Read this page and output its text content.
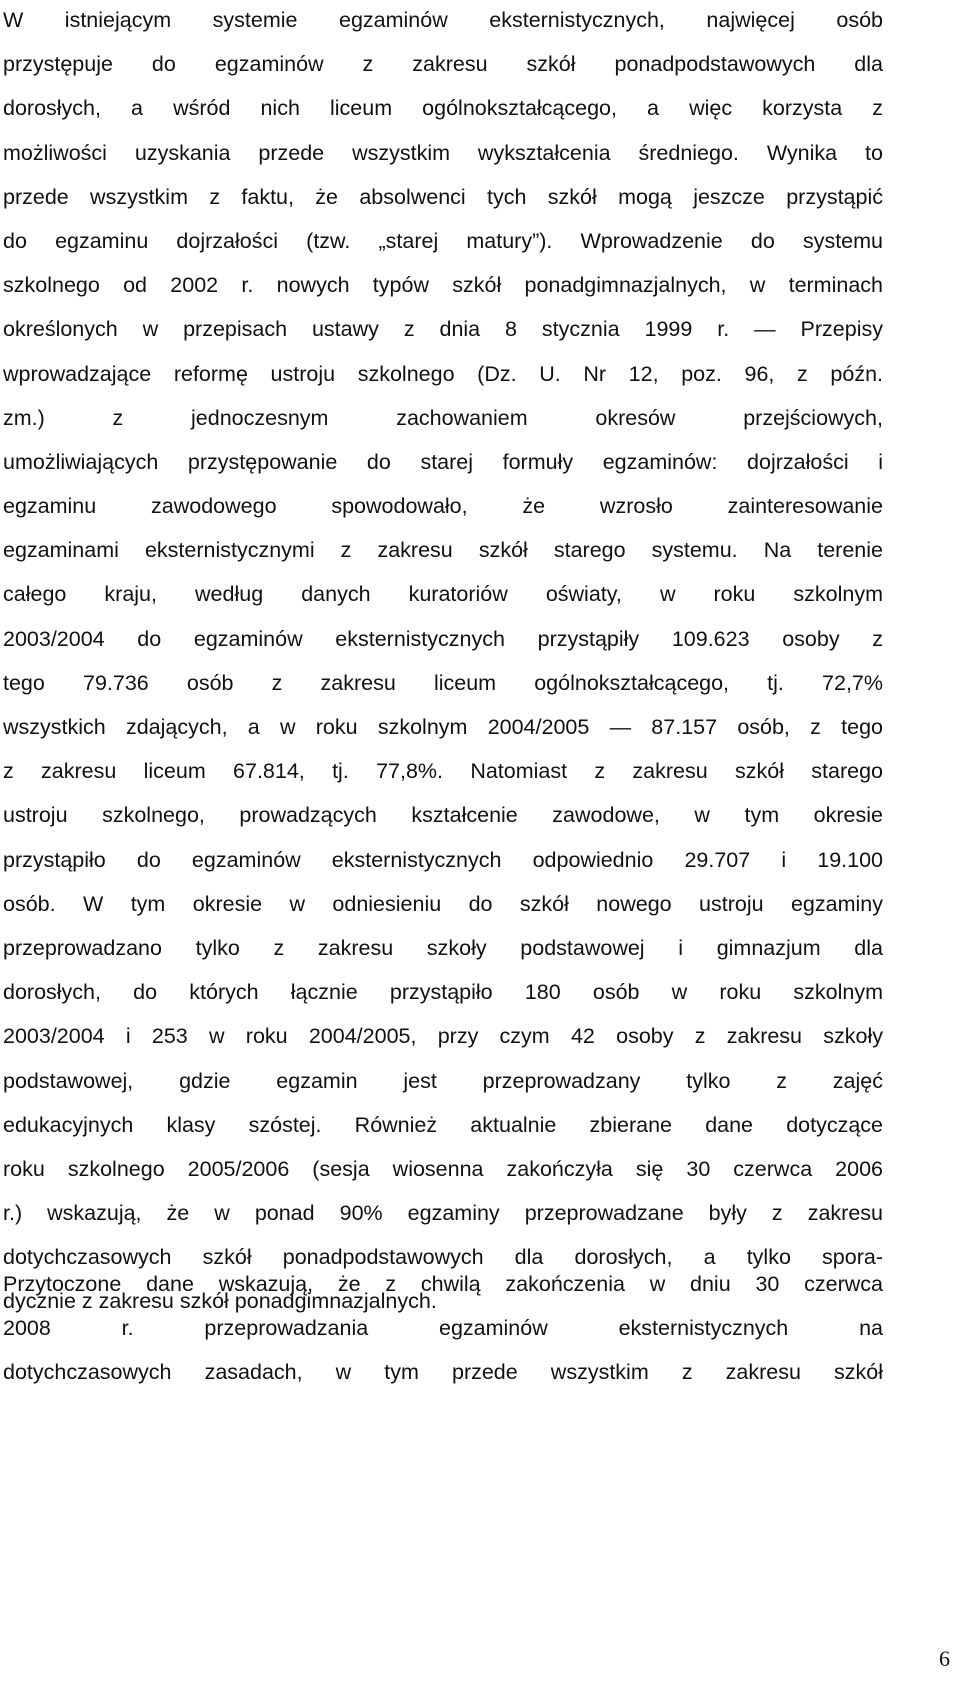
W istniejącym systemie egzaminów eksternistycznych, najwięcej osób
przystępuje do egzaminów z zakresu szkół ponadpodstawowych dla
dorosłych, a wśród nich liceum ogólnokształcącego, a więc korzysta z
możliwości uzyskania przede wszystkim wykształcenia średniego. Wynika to
przede wszystkim z faktu, że absolwenci tych szkół mogą jeszcze przystąpić
do egzaminu dojrzałości (tzw. „starej matury”). Wprowadzenie do systemu
szkolnego od 2002 r. nowych typów szkół ponadgimnazjalnych, w terminach
określonych w przepisach ustawy z dnia 8 stycznia 1999 r. — Przepisy
wprowadzające reformę ustroju szkolnego (Dz. U. Nr 12, poz. 96, z późn.
zm.) z jednoczesnym zachowaniem okresów przejściowych,
umożliwiających przystępowanie do starej formuły egzaminów: dojrzałości i
egzaminu zawodowego spowodowało, że wzrosło zainteresowanie
egzaminami eksternistycznymi z zakresu szkół starego systemu. Na terenie
całego kraju, według danych kuratoriów oświaty, w roku szkolnym
2003/2004 do egzaminów eksternistycznych przystąpiły 109.623 osoby z
tego 79.736 osób z zakresu liceum ogólnokształcącego, tj. 72,7%
wszystkich zdających, a w roku szkolnym 2004/2005 — 87.157 osób, z tego
z zakresu liceum 67.814, tj. 77,8%. Natomiast z zakresu szkół starego
ustroju szkolnego, prowadzących kształcenie zawodowe, w tym okresie
przystąpiło do egzaminów eksternistycznych odpowiednio 29.707 i 19.100
osób. W tym okresie w odniesieniu do szkół nowego ustroju egzaminy
przeprowadzano tylko z zakresu szkoły podstawowej i gimnazjum dla
dorosłych, do których łącznie przystąpiło 180 osób w roku szkolnym
2003/2004 i 253 w roku 2004/2005, przy czym 42 osoby z zakresu szkoły
podstawowej, gdzie egzamin jest przeprowadzany tylko z zajęć
edukacyjnych klasy szóstej. Również aktualnie zbierane dane dotyczące
roku szkolnego 2005/2006 (sesja wiosenna zakończyła się 30 czerwca 2006
r.) wskazują, że w ponad 90% egzaminy przeprowadzane były z zakresu
dotychczasowych szkół ponadpodstawowych dla dorosłych, a tylko spora-
dycznie z zakresu szkół ponadgimnazjalnych.
Przytoczone dane wskazują, że z chwilą zakończenia w dniu 30 czerwca
2008 r. przeprowadzania egzaminów eksternistycznych na
dotychczasowych zasadach, w tym przede wszystkim z zakresu szkół
6
